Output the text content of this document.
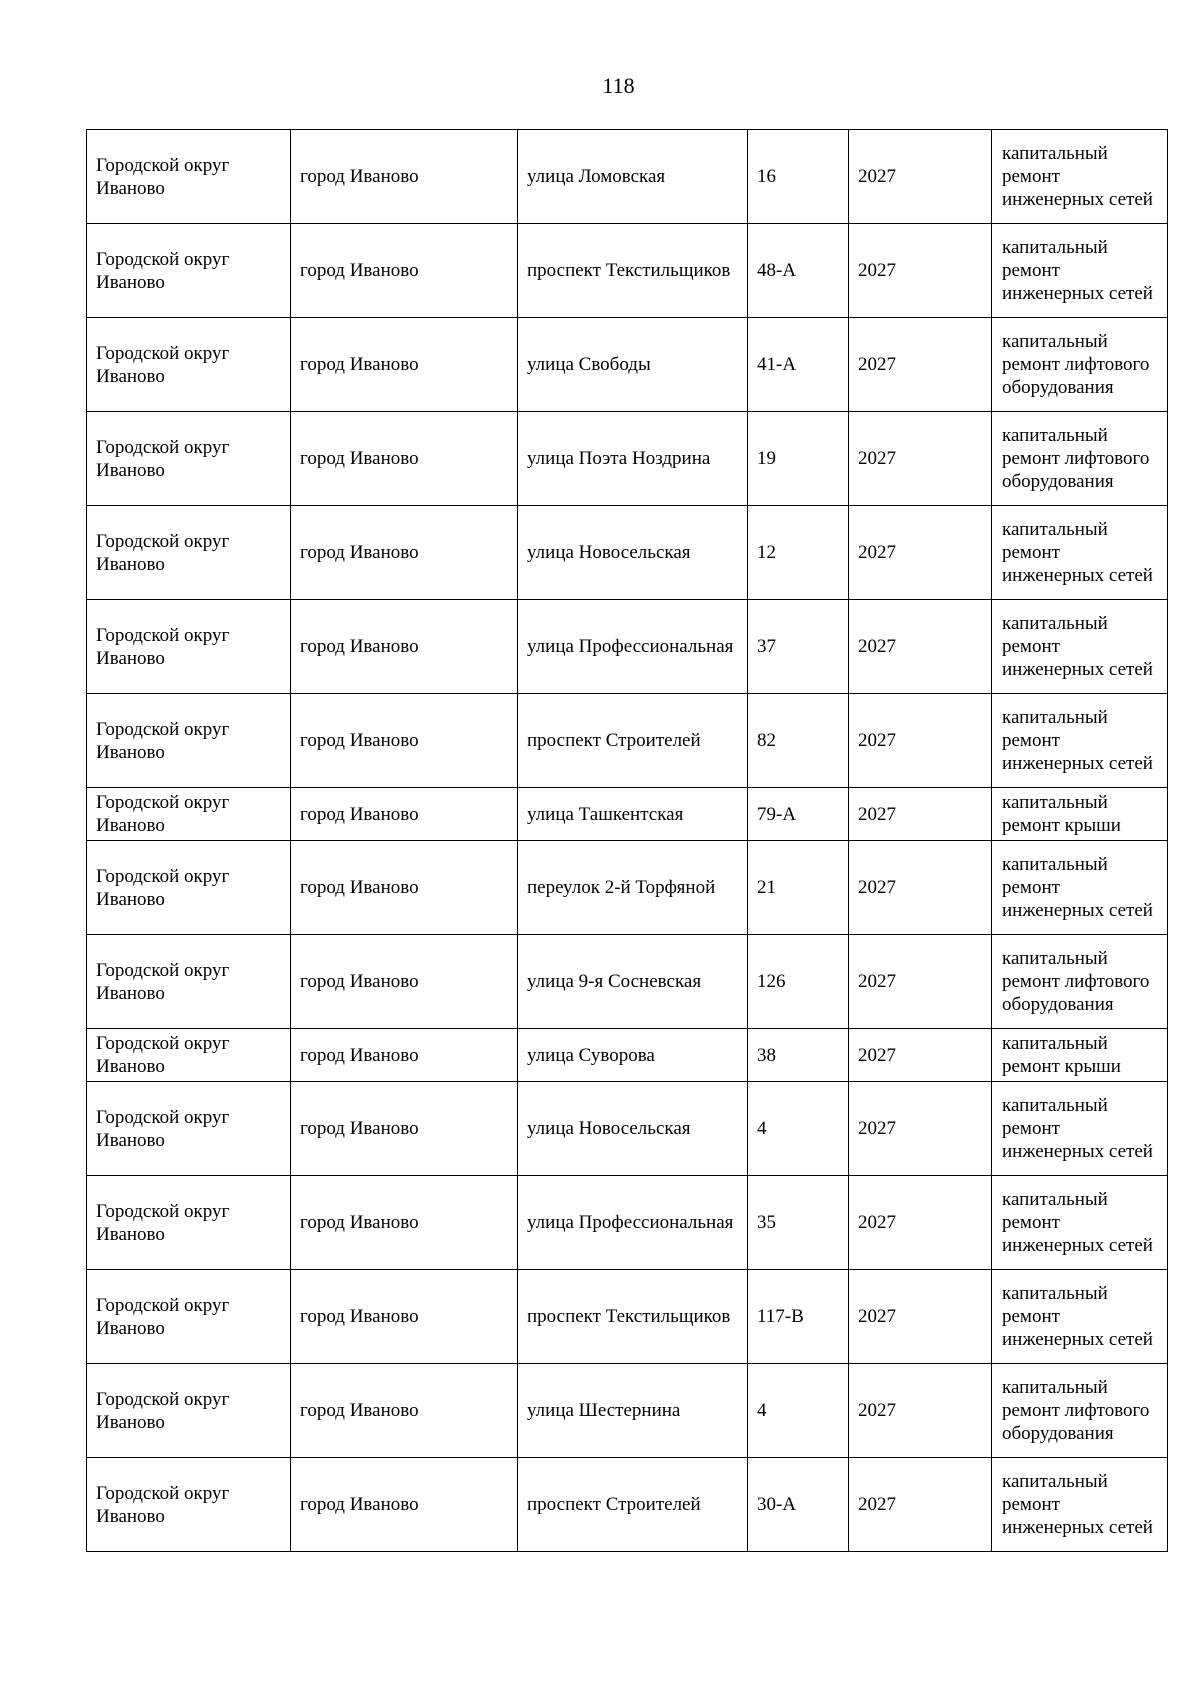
118
Городской округ Иваново	город Иваново	улица Ломовская	16	2027	капитальный ремонт инженерных сетей
Городской округ Иваново	город Иваново	проспект Текстильщиков	48-А	2027	капитальный ремонт инженерных сетей
Городской округ Иваново	город Иваново	улица Свободы	41-А	2027	капитальный ремонт лифтового оборудования
Городской округ Иваново	город Иваново	улица Поэта Ноздрина	19	2027	капитальный ремонт лифтового оборудования
Городской округ Иваново	город Иваново	улица Новосельская	12	2027	капитальный ремонт инженерных сетей
Городской округ Иваново	город Иваново	улица Профессиональная	37	2027	капитальный ремонт инженерных сетей
Городской округ Иваново	город Иваново	проспект Строителей	82	2027	капитальный ремонт инженерных сетей
Городской округ Иваново	город Иваново	улица Ташкентская	79-А	2027	капитальный ремонт крыши
Городской округ Иваново	город Иваново	переулок 2-й Торфяной	21	2027	капитальный ремонт инженерных сетей
Городской округ Иваново	город Иваново	улица 9-я Сосневская	126	2027	капитальный ремонт лифтового оборудования
Городской округ Иваново	город Иваново	улица Суворова	38	2027	капитальный ремонт крыши
Городской округ Иваново	город Иваново	улица Новосельская	4	2027	капитальный ремонт инженерных сетей
Городской округ Иваново	город Иваново	улица Профессиональная	35	2027	капитальный ремонт инженерных сетей
Городской округ Иваново	город Иваново	проспект Текстильщиков	117-В	2027	капитальный ремонт инженерных сетей
Городской округ Иваново	город Иваново	улица Шестернина	4	2027	капитальный ремонт лифтового оборудования
Городской округ Иваново	город Иваново	проспект Строителей	30-А	2027	капитальный ремонт инженерных сетей
